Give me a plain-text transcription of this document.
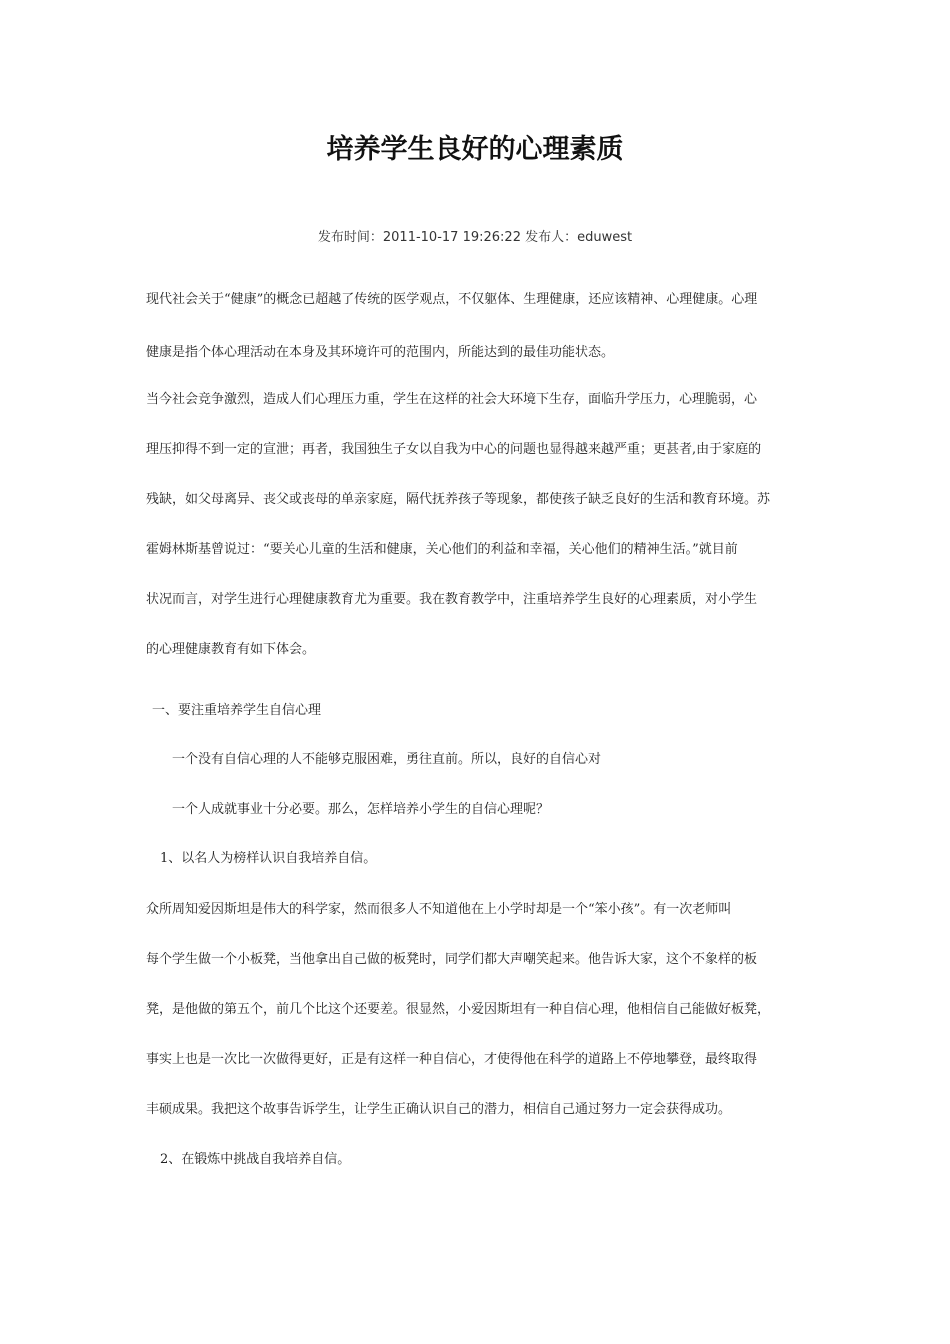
培养学生良好的心理素质
发布时间：2011-10-17 19:26:22 发布人：eduwest
现代社会关于“健康”的概念已超越了传统的医学观点，不仅躯体、生理健康，还应该精神、心理健康。心理
健康是指个体心理活动在本身及其环境许可的范围内，所能达到的最佳功能状态。
当今社会竞争激烈，造成人们心理压力重，学生在这样的社会大环境下生存，面临升学压力，心理脆弱，心
理压抑得不到一定的宣泄；再者，我国独生子女以自我为中心的问题也显得越来越严重；更甚者,由于家庭的
残缺，如父母离异、丧父或丧母的单亲家庭，隔代抚养孩子等现象，都使孩子缺乏良好的生活和教育环境。苏
霍姆林斯基曾说过：“要关心儿童的生活和健康，关心他们的利益和幸福，关心他们的精神生活。”就目前
状况而言，对学生进行心理健康教育尤为重要。我在教育教学中，注重培养学生良好的心理素质，对小学生
的心理健康教育有如下体会。
一、要注重培养学生自信心理
一个没有自信心理的人不能够克服困难，勇往直前。所以，良好的自信心对
一个人成就事业十分必要。那么，怎样培养小学生的自信心理呢？
1、以名人为榜样认识自我培养自信。
众所周知爱因斯坦是伟大的科学家，然而很多人不知道他在上小学时却是一个“笨小孩”。有一次老师叫
每个学生做一个小板凳，当他拿出自己做的板凳时，同学们都大声嘲笑起来。他告诉大家，这个不象样的板
凳，是他做的第五个，前几个比这个还要差。很显然，小爱因斯坦有一种自信心理，他相信自己能做好板凳，
事实上也是一次比一次做得更好，正是有这样一种自信心，才使得他在科学的道路上不停地攀登，最终取得
丰硕成果。我把这个故事告诉学生，让学生正确认识自己的潜力，相信自己通过努力一定会获得成功。
2、在锻炼中挑战自我培养自信。
